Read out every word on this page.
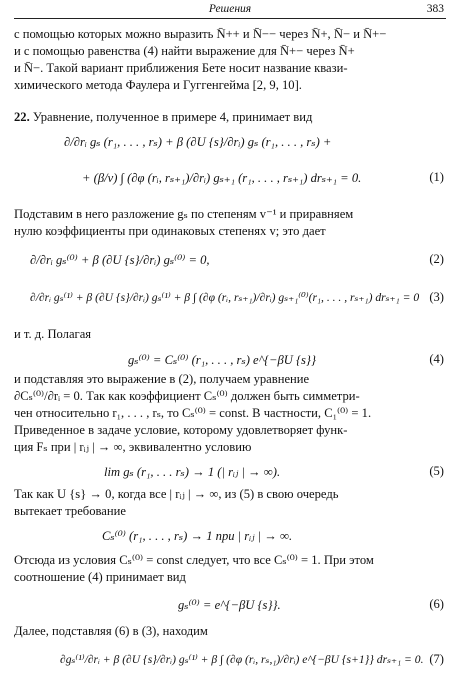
Решения	383
с помощью которых можно выразить N̄++ и N̄−− через N̄+, N̄− и N̄+−
и с помощью равенства (4) найти выражение для N̄+− через N̄+
и N̄−. Такой вариант приближения Бете носит название квази-
химического метода Фаулера и Гуггенгейма [2, 9, 10].
22. Уравнение, полученное в примере 4, принимает вид
∂/∂rᵢ gₛ (r₁, . . . , rₛ) + β (∂U {s}/∂rᵢ) gₛ (r₁, . . . , rₛ) +
+ (β/v) ∫ (∂φ (rᵢ, rₛ₊₁)/∂rᵢ) gₛ₊₁ (r₁, . . . , rₛ₊₁) drₛ₊₁ = 0.	(1)
Подставим в него разложение gₛ по степеням v⁻¹ и приравняем
нулю коэффициенты при одинаковых степенях v; это дает
∂/∂rᵢ gₛ⁽⁰⁾ + β (∂U {s}/∂rᵢ) gₛ⁽⁰⁾ = 0,	(2)
∂/∂rᵢ gₛ⁽¹⁾ + β (∂U {s}/∂rᵢ) gₛ⁽¹⁾ + β ∫ (∂φ (rᵢ, rₛ₊₁)/∂rᵢ) gₛ₊₁⁽⁰⁾(r₁, . . . , rₛ₊₁) drₛ₊₁ = 0 (3)
и т. д. Полагая
gₛ⁽⁰⁾ = Cₛ⁽⁰⁾ (r₁, . . . , rₛ) e^{−βU {s}}	(4)
и подставляя это выражение в (2), получаем уравнение
∂Cₛ⁽⁰⁾/∂rᵢ = 0. Так как коэффициент Cₛ⁽⁰⁾ должен быть симметри-
чен относительно r₁, . . . , rₛ, то Cₛ⁽⁰⁾ = const. В частности, C₁⁽⁰⁾ = 1.
Приведенное в задаче условие, которому удовлетворяет функ-
ция Fₛ при | rᵢⱼ | → ∞, эквивалентно условию
lim gₛ (r₁, . . . rₛ) → 1 (| rᵢⱼ | → ∞).	(5)
Так как U {s} → 0, когда все | rᵢⱼ | → ∞, из (5) в свою очередь
вытекает требование
Cₛ⁽⁰⁾ (r₁, . . . , rₛ) → 1 при | rᵢⱼ | → ∞.
Отсюда из условия Cₛ⁽⁰⁾ = const следует, что все Cₛ⁽⁰⁾ = 1. При этом
соотношение (4) принимает вид
gₛ⁽⁰⁾ = e^{−βU {s}}.	(6)
Далее, подставляя (6) в (3), находим
∂gₛ⁽¹⁾/∂rᵢ + β (∂U {s}/∂rᵢ) gₛ⁽¹⁾ + β ∫ (∂φ (rᵢ, rₛ,₁)/∂rᵢ) e^{−βU {s+1}} drₛ₊₁ = 0. (7)
